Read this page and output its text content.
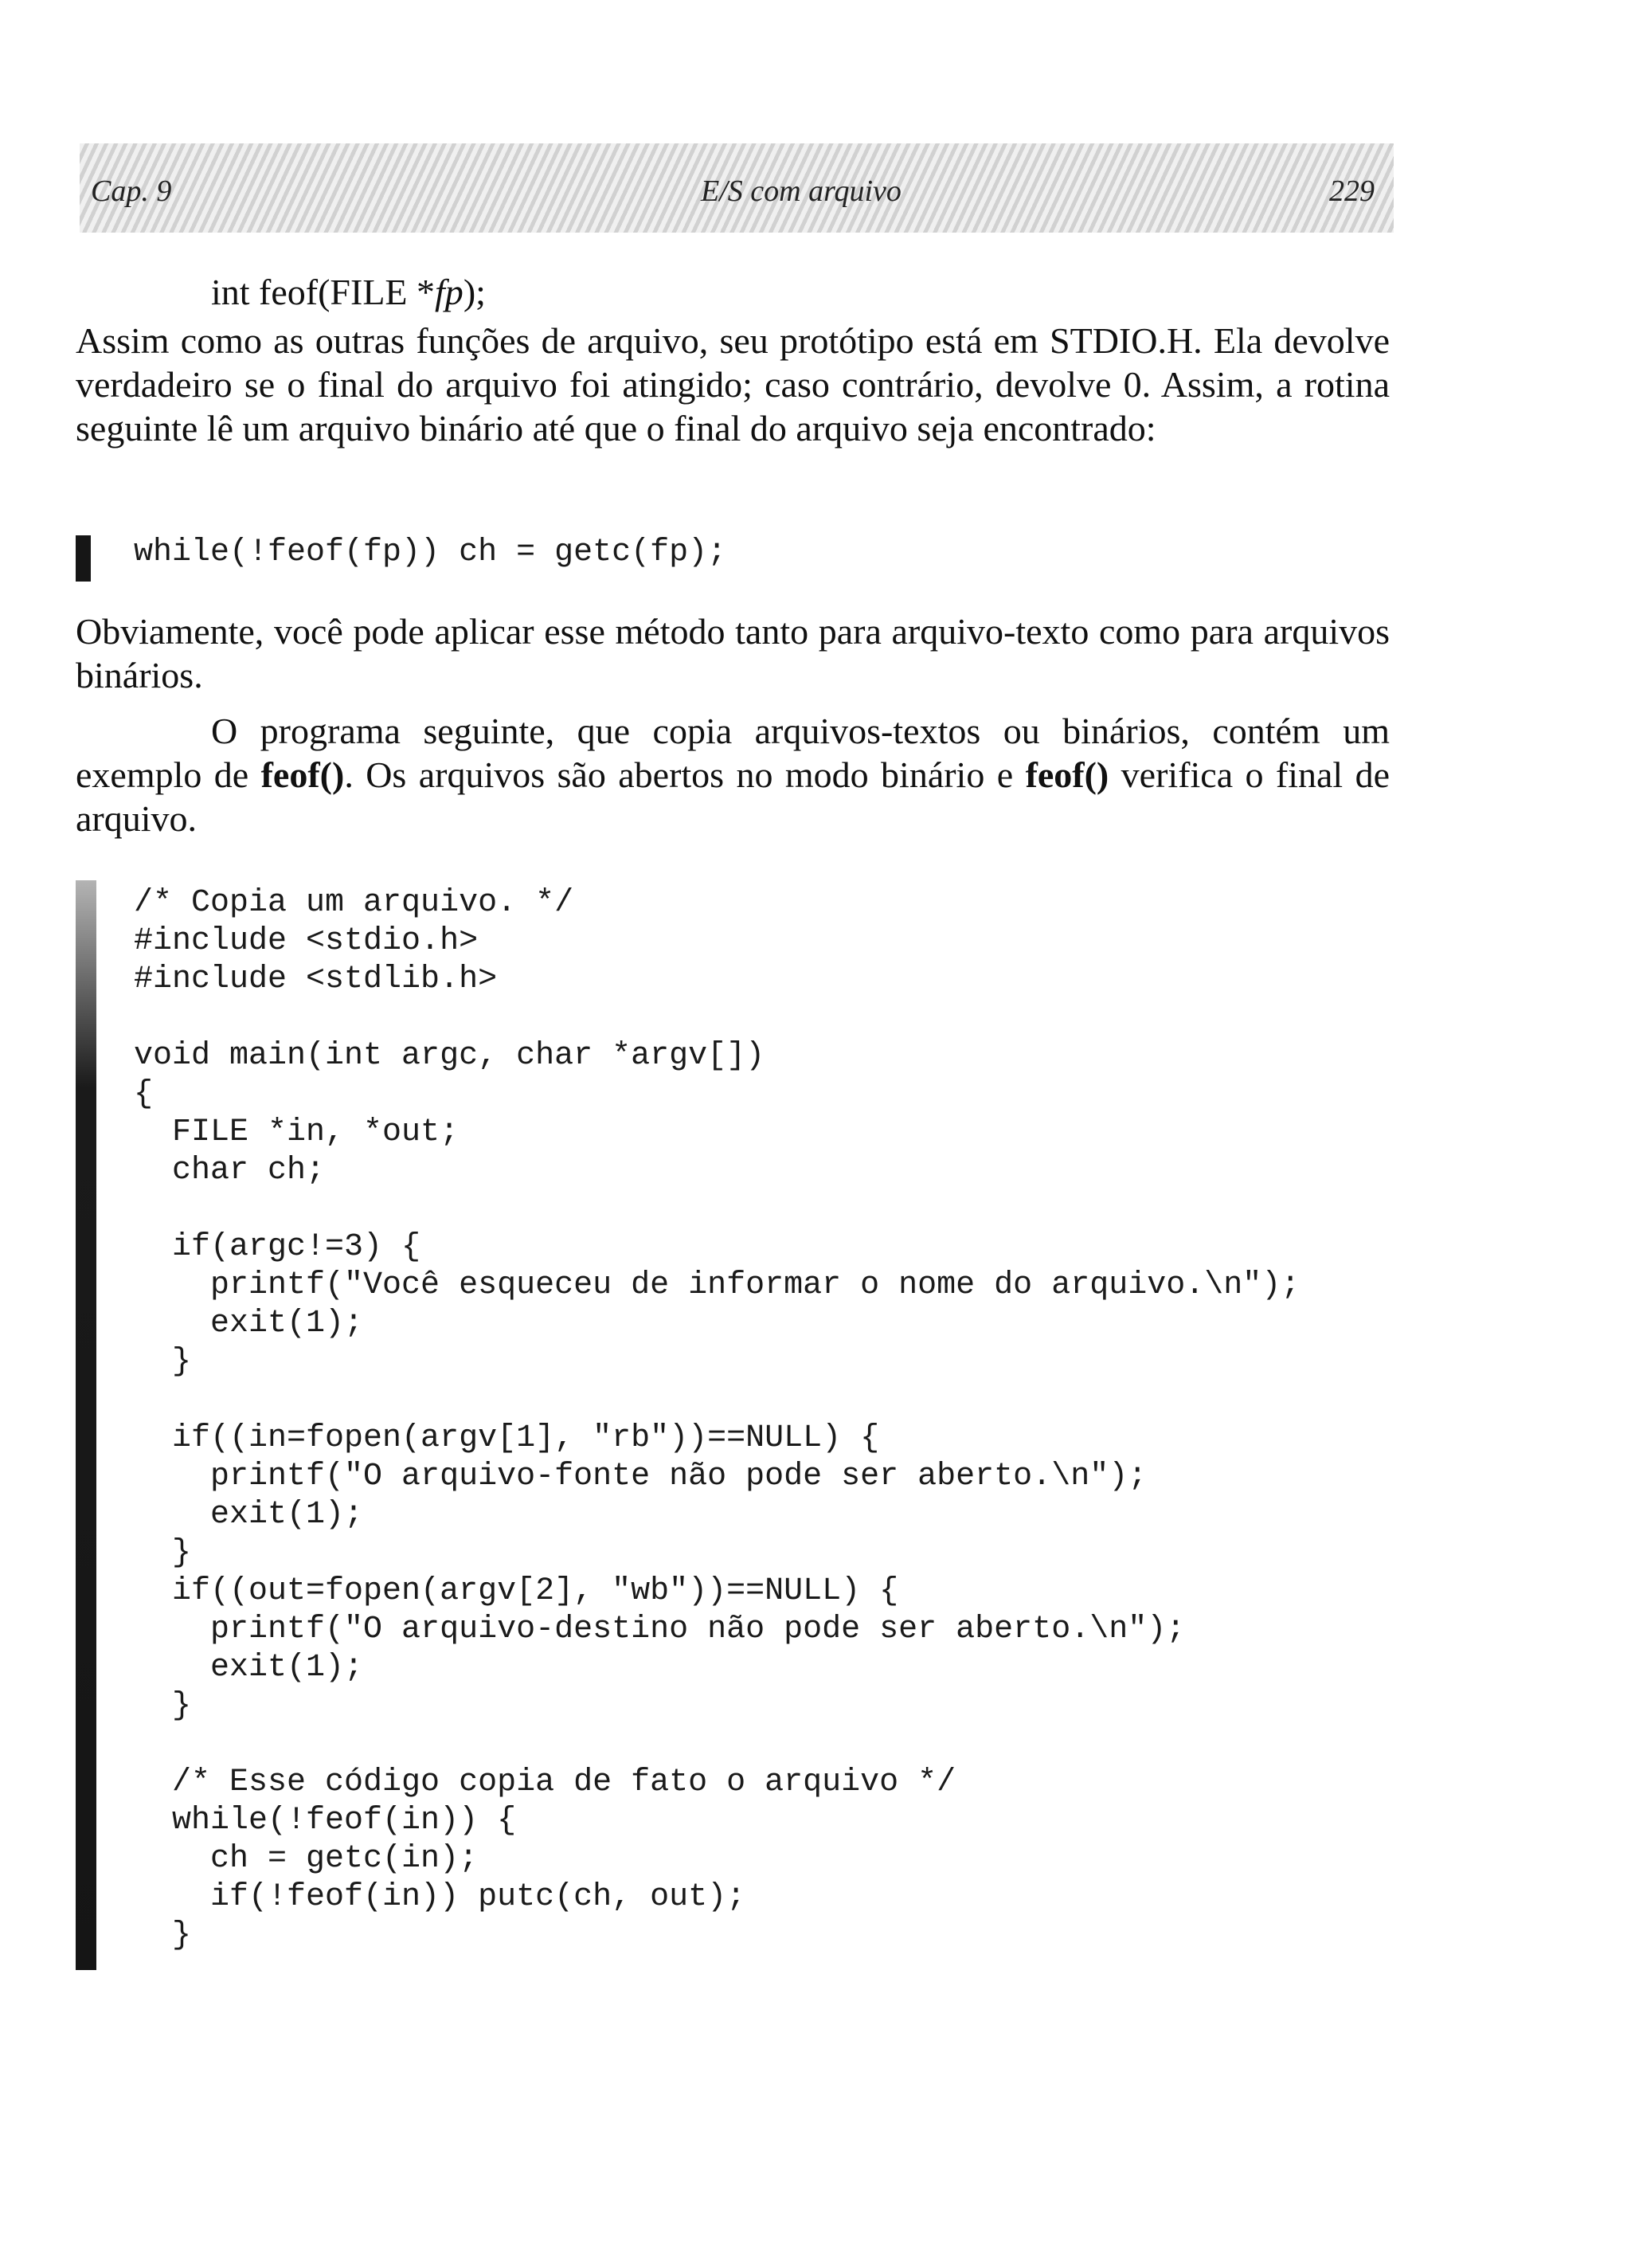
Cap. 9	E/S com arquivo	229
int feof(FILE *fp);

Assim como as outras funções de arquivo, seu protótipo está em STDIO.H. Ela devolve verdadeiro se o final do arquivo foi atingido; caso contrário, devolve 0. Assim, a rotina seguinte lê um arquivo binário até que o final do arquivo seja encontrado:

while(!feof(fp)) ch = getc(fp);

Obviamente, você pode aplicar esse método tanto para arquivo-texto como para arquivos binários.

O programa seguinte, que copia arquivos-textos ou binários, contém um exemplo de feof(). Os arquivos são abertos no modo binário e feof() verifica o final de arquivo.

/* Copia um arquivo. */
#include <stdio.h>
#include <stdlib.h>

void main(int argc, char *argv[])
{
FILE *in, *out;
char ch;

if(argc!=3) {
printf("Você esqueceu de informar o nome do arquivo.\n");
exit(1);
}

if((in=fopen(argv[1], "rb"))==NULL) {
printf("O arquivo-fonte não pode ser aberto.\n");
exit(1);
}
if((out=fopen(argv[2], "wb"))==NULL) {
printf("O arquivo-destino não pode ser aberto.\n");
exit(1);
}

/* Esse código copia de fato o arquivo */
while(!feof(in)) {
ch = getc(in);
if(!feof(in)) putc(ch, out);
}
